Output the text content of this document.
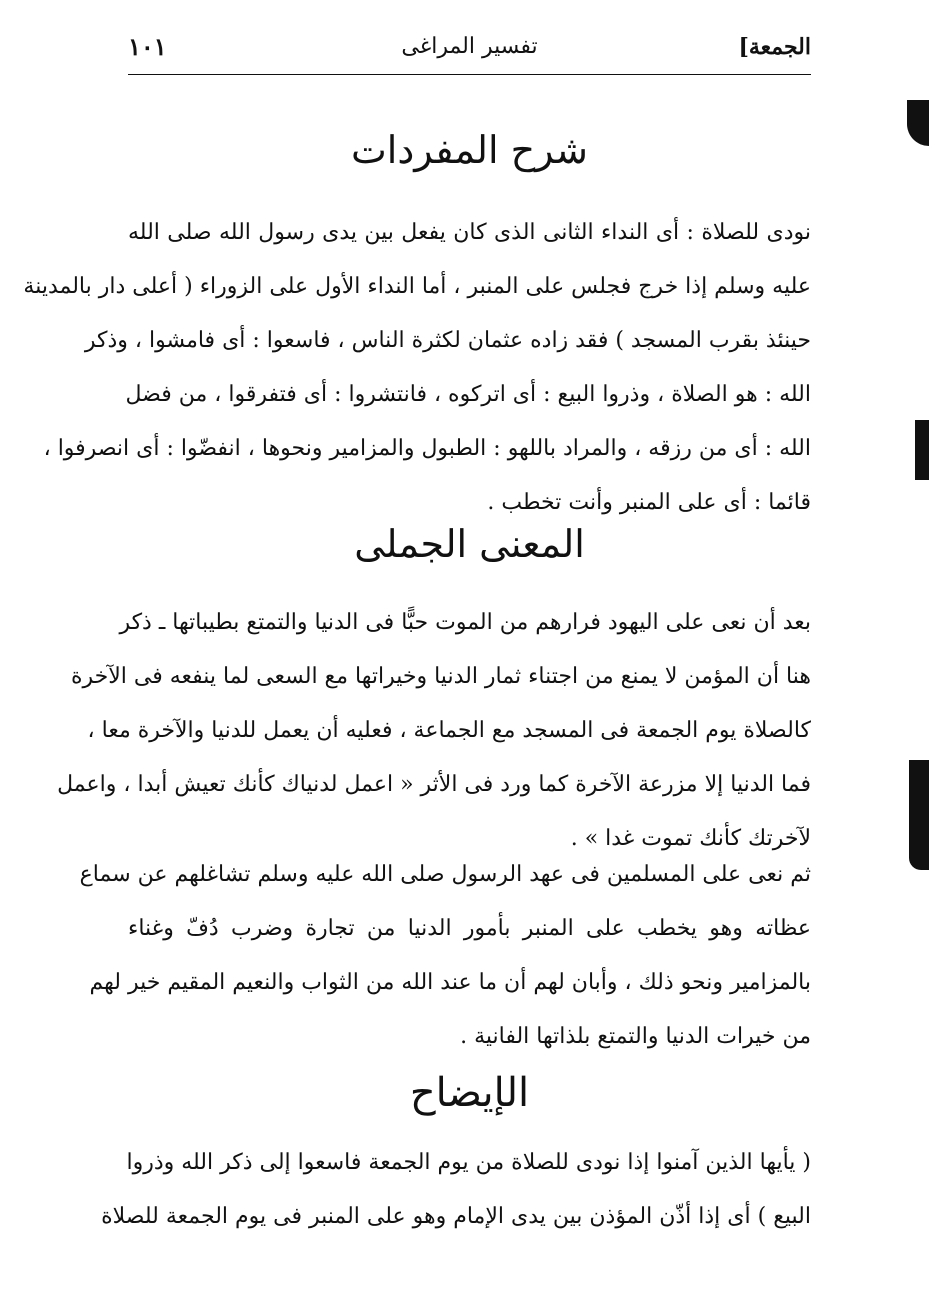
الجمعة]
تفسير المراغى
١٠١
شرح المفردات
نودى للصلاة : أى النداء الثانى الذى كان يفعل بين يدى رسول الله صلى الله
عليه وسلم إذا خرج فجلس على المنبر ، أما النداء الأول على الزوراء ( أعلى دار بالمدينة
حينئذ بقرب المسجد ) فقد زاده عثمان لكثرة الناس ، فاسعوا : أى فامشوا ، وذكر
الله : هو الصلاة ، وذروا البيع : أى اتركوه ، فانتشروا : أى فتفرقوا ، من فضل
الله : أى من رزقه ، والمراد باللهو : الطبول والمزامير ونحوها ، انفضّوا : أى انصرفوا ،
قائما : أى على المنبر وأنت تخطب .
المعنى الجملى
بعد أن نعى على اليهود فرارهم من الموت حبًّا فى الدنيا والتمتع بطيباتها ـ ذكر
هنا أن المؤمن لا يمنع من اجتناء ثمار الدنيا وخيراتها مع السعى لما ينفعه فى الآخرة
كالصلاة يوم الجمعة فى المسجد مع الجماعة ، فعليه أن يعمل للدنيا والآخرة معا ،
فما الدنيا إلا مزرعة الآخرة كما ورد فى الأثر « اعمل لدنياك كأنك تعيش أبدا ، واعمل
لآخرتك كأنك تموت غدا » .
ثم نعى على المسلمين فى عهد الرسول صلى الله عليه وسلم تشاغلهم عن سماع
عظاته وهو يخطب على المنبر بأمور الدنيا من تجارة وضرب دُفّ وغناء
بالمزامير ونحو ذلك ، وأبان لهم أن ما عند الله من الثواب والنعيم المقيم خير لهم
من خيرات الدنيا والتمتع بلذاتها الفانية .
الإيضاح
( يأيها الذين آمنوا إذا نودى للصلاة من يوم الجمعة فاسعوا إلى ذكر الله وذروا
البيع ) أى إذا أذّن المؤذن بين يدى الإمام وهو على المنبر فى يوم الجمعة للصلاة
